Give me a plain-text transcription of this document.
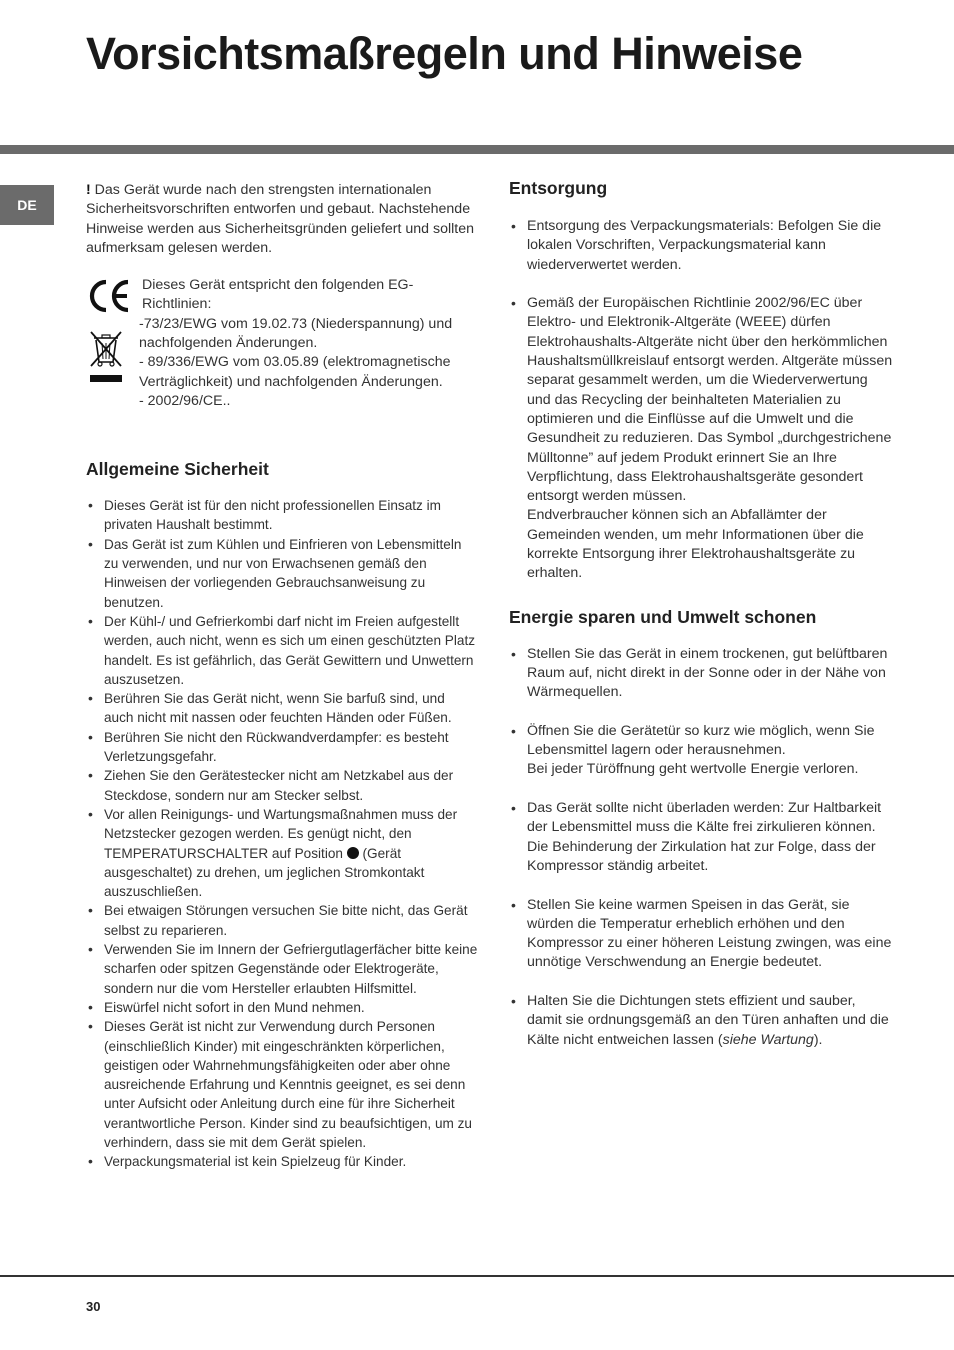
Vorsichtsmaßregeln und Hinweise
DE

! Das Gerät wurde nach den strengsten internationalen Sicherheitsvorschriften entworfen und gebaut. Nachstehende Hinweise werden aus Sicherheitsgründen geliefert und sollten aufmerksam gelesen werden.

Dieses Gerät entspricht den folgenden EG-Richtlinien:

-73/23/EWG vom 19.02.73 (Niederspannung) und nachfolgenden Änderungen.

- 89/336/EWG vom 03.05.89 (elektromagnetische Verträglichkeit) und nachfolgenden Änderungen.

- 2002/96/CE..

Allgemeine Sicherheit
• Dieses Gerät ist für den nicht professionellen Einsatz im privaten Haushalt bestimmt.
• Das Gerät ist zum Kühlen und Einfrieren von Lebensmitteln zu verwenden, und nur von Erwachsenen gemäß den Hinweisen der vorliegenden Gebrauchsanweisung zu benutzen.
• Der Kühl-/ und Gefrierkombi darf nicht im Freien aufgestellt werden, auch nicht, wenn es sich um einen geschützten Platz handelt. Es ist gefährlich, das Gerät Gewittern und Unwettern auszusetzen.
• Berühren Sie das Gerät nicht, wenn Sie barfuß sind, und auch nicht mit nassen oder feuchten Händen oder Füßen.
• Berühren Sie nicht den Rückwandverdampfer: es besteht Verletzungsgefahr.
• Ziehen Sie den Gerätestecker nicht am Netzkabel aus der Steckdose, sondern nur am Stecker selbst.
• Vor allen Reinigungs- und Wartungsmaßnahmen muss der Netzstecker gezogen werden. Es genügt nicht, den TEMPERATURSCHALTER auf Position  (Gerät ausgeschaltet) zu drehen, um jeglichen Stromkontakt auszuschließen.
• Bei etwaigen Störungen versuchen Sie bitte nicht, das Gerät selbst zu reparieren.
• Verwenden Sie im Innern der Gefriergutlagerfächer bitte keine scharfen oder spitzen Gegenstände oder Elektrogeräte, sondern nur die vom Hersteller erlaubten Hilfsmittel.
• Eiswürfel nicht sofort in den Mund nehmen.
• Dieses Gerät ist nicht zur Verwendung durch Personen (einschließlich Kinder) mit eingeschränkten körperlichen, geistigen oder Wahrnehmungsfähigkeiten oder aber ohne ausreichende Erfahrung und Kenntnis geeignet, es sei denn unter Aufsicht oder Anleitung durch eine für ihre Sicherheit verantwortliche Person. Kinder sind zu beaufsichtigen, um zu verhindern, dass sie mit dem Gerät spielen.
• Verpackungsmaterial ist kein Spielzeug für Kinder.
Entsorgung
• Entsorgung des Verpackungsmaterials: Befolgen Sie die lokalen Vorschriften, Verpackungsmaterial kann wiederverwertet werden.
• Gemäß der Europäischen Richtlinie 2002/96/EC über Elektro- und Elektronik-Altgeräte (WEEE) dürfen Elektrohaushalts-Altgeräte nicht über den herkömmlichen Haushaltsmüllkreislauf entsorgt werden. Altgeräte müssen separat gesammelt werden, um die Wiederverwertung und das Recycling der beinhalteten Materialien zu optimieren und die Einflüsse auf die Umwelt und die Gesundheit zu reduzieren. Das Symbol „durchgestrichene Mülltonne” auf jedem Produkt erinnert Sie an Ihre Verpflichtung, dass Elektrohaushaltsgeräte gesondert entsorgt werden müssen.
Endverbraucher können sich an Abfallämter der Gemeinden wenden, um mehr Informationen über die korrekte Entsorgung ihrer Elektrohaushaltsgeräte zu erhalten.
Energie sparen und Umwelt schonen
• Stellen Sie das Gerät in einem trockenen, gut belüftbaren Raum auf, nicht direkt in der Sonne oder in der Nähe von Wärmequellen.
• Öffnen Sie die Gerätetür so kurz wie möglich, wenn Sie Lebensmittel lagern oder herausnehmen.
Bei jeder Türöffnung geht wertvolle Energie verloren.
• Das Gerät sollte nicht überladen werden: Zur Haltbarkeit der Lebensmittel muss die Kälte frei zirkulieren können. Die Behinderung der Zirkulation hat zur Folge, dass der Kompressor ständig arbeitet.
• Stellen Sie keine warmen Speisen in das Gerät, sie würden die Temperatur erheblich erhöhen und den Kompressor zu einer höheren Leistung zwingen, was eine unnötige Verschwendung an Energie bedeutet.
• Halten Sie die Dichtungen stets effizient und sauber, damit sie ordnungsgemäß an den Türen anhaften und die Kälte nicht entweichen lassen (siehe Wartung).
30
